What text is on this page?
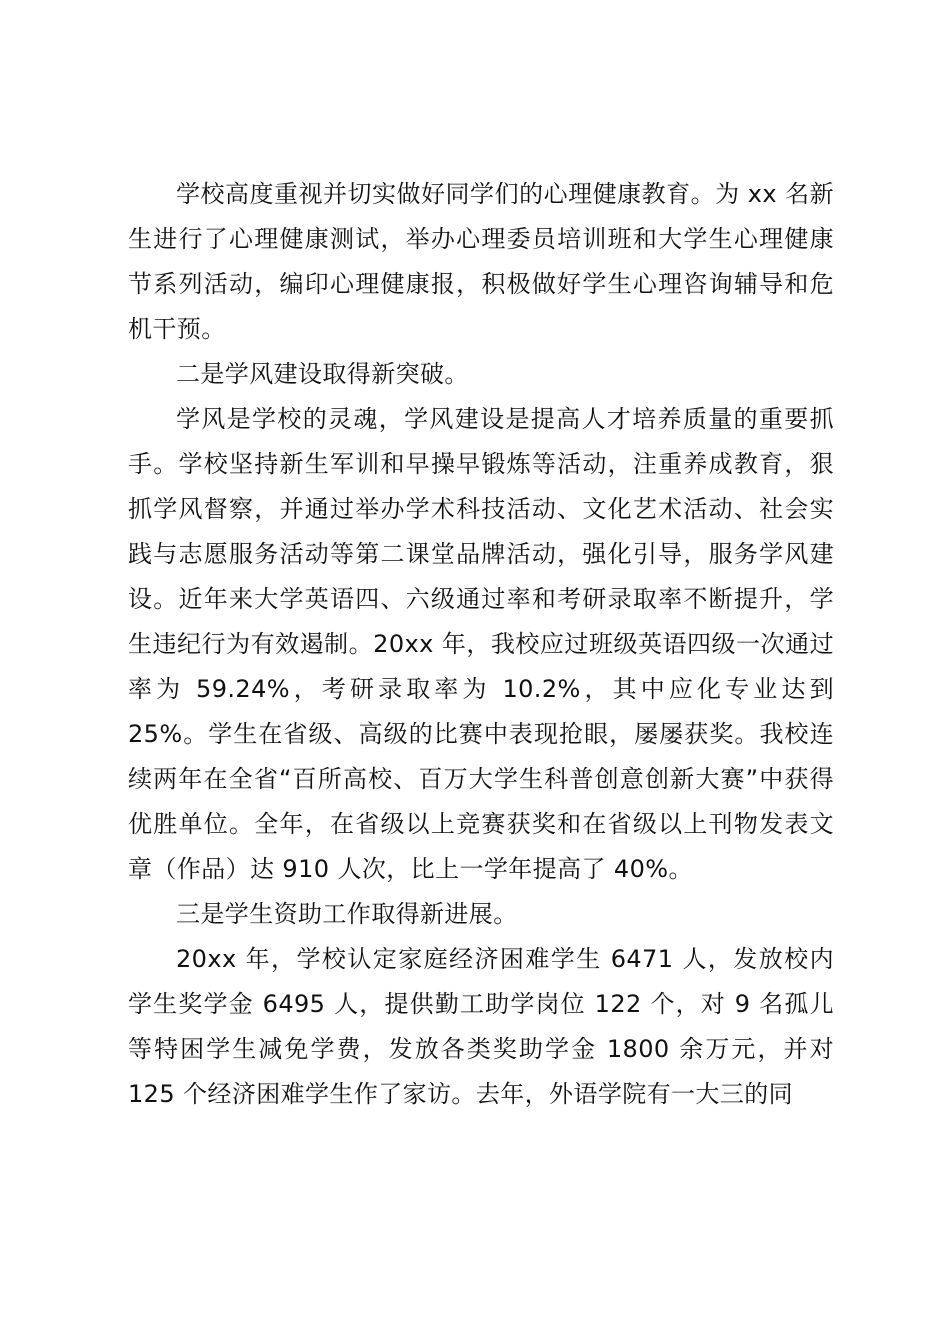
学校高度重视并切实做好同学们的心理健康教育。为 xx 名新生进行了心理健康测试，举办心理委员培训班和大学生心理健康节系列活动，编印心理健康报，积极做好学生心理咨询辅导和危机干预。

二是学风建设取得新突破。

学风是学校的灵魂，学风建设是提高人才培养质量的重要抓手。学校坚持新生军训和早操早锻炼等活动，注重养成教育，狠抓学风督察，并通过举办学术科技活动、文化艺术活动、社会实践与志愿服务活动等第二课堂品牌活动，强化引导，服务学风建设。近年来大学英语四、六级通过率和考研录取率不断提升，学生违纪行为有效遏制。20xx 年，我校应过班级英语四级一次通过率为 59.24%，考研录取率为 10.2%，其中应化专业达到 25%。学生在省级、高级的比赛中表现抢眼，屡屡获奖。我校连续两年在全省“百所高校、百万大学生科普创意创新大赛”中获得优胜单位。全年，在省级以上竞赛获奖和在省级以上刊物发表文章（作品）达 910 人次，比上一学年提高了 40%。

三是学生资助工作取得新进展。

20xx 年，学校认定家庭经济困难学生 6471 人，发放校内学生奖学金 6495 人，提供勤工助学岗位 122 个，对 9 名孤儿等特困学生减免学费，发放各类奖助学金 1800 余万元，并对 125 个经济困难学生作了家访。去年，外语学院有一大三的同
